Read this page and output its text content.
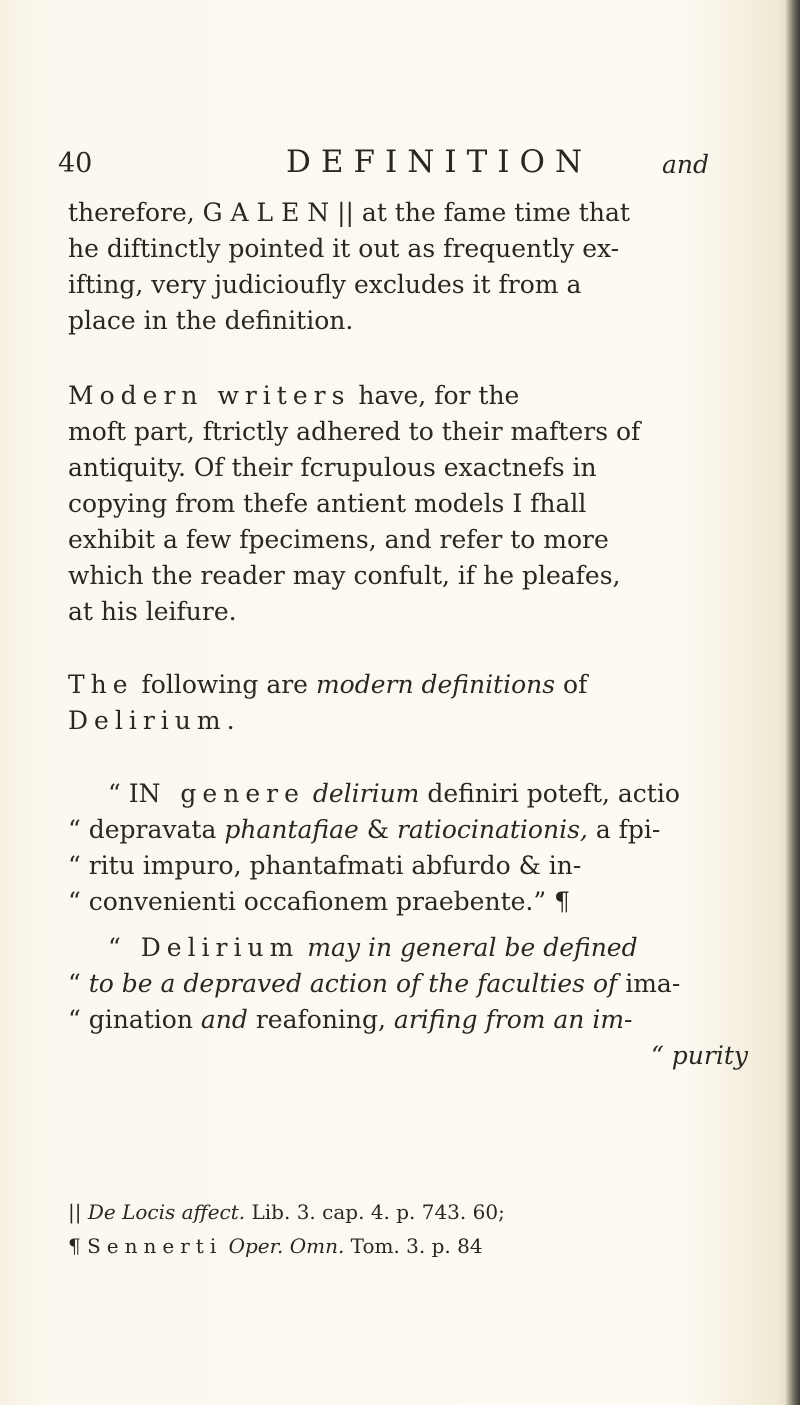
40	DEFINITION	and
therefore, G A L E N || at the fame time that
he diftinctly pointed it out as frequently ex-
ifting, very judicioufly excludes it from a
place in the definition.
Modern writers have, for the
moft part, ftrictly adhered to their mafters of
antiquity. Of their fcrupulous exactnefs in
copying from thefe antient models I fhall
exhibit a few fpecimens, and refer to more
which the reader may confult, if he pleafes,
at his leifure.
The following are modern definitions of
Delirium.
“ IN genere delirium definiri poteft, actio
“ depravata phantafiae & ratiocinationis, a fpi-
“ ritu impuro, phantafmati abfurdo & in-
“ convenienti occafionem praebente.” ¶
“ Delirium may in general be defined
“ to be a depraved action of the faculties of ima-
“ gination and reafoning, arifing from an im-
“ purity

|| De Locis affect. Lib. 3. cap. 4. p. 743. 60;

¶ Sennerti Oper. Omn. Tom. 3. p. 84
